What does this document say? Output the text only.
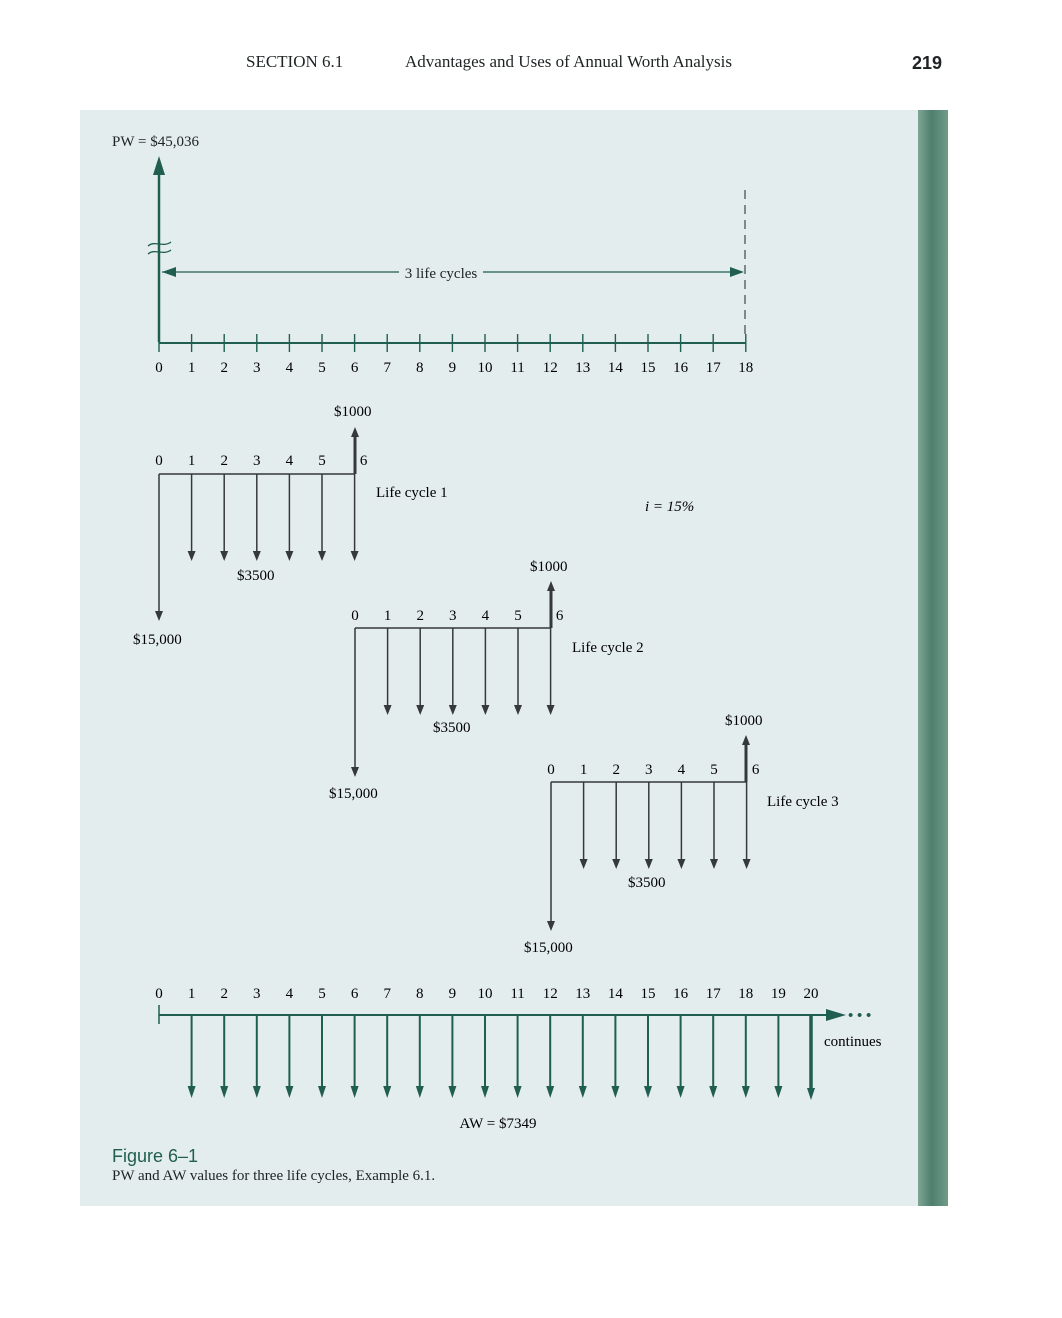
SECTION 6.1	Advantages and Uses of Annual Worth Analysis	219
PW = $45,036
3 life cycles
0 1 2 3 4 5 6 7 8 9 10 11 12 13 14 15 16 17 18
0 1 2 3 4 5 6
$1000
$3500
$15,000
Life cycle 1
i = 15%
0 1 2 3 4 5 6
$1000
$3500
$15,000
Life cycle 2
0 1 2 3 4 5 6
$1000
$3500
$15,000
Life cycle 3
0 1 2 3 4 5 6 7 8 9 10 11 12 13 14 15 16 17 18 19 20
• • •
continues
AW = $7349
Figure 6–1
PW and AW values for three life cycles, Example 6.1.
